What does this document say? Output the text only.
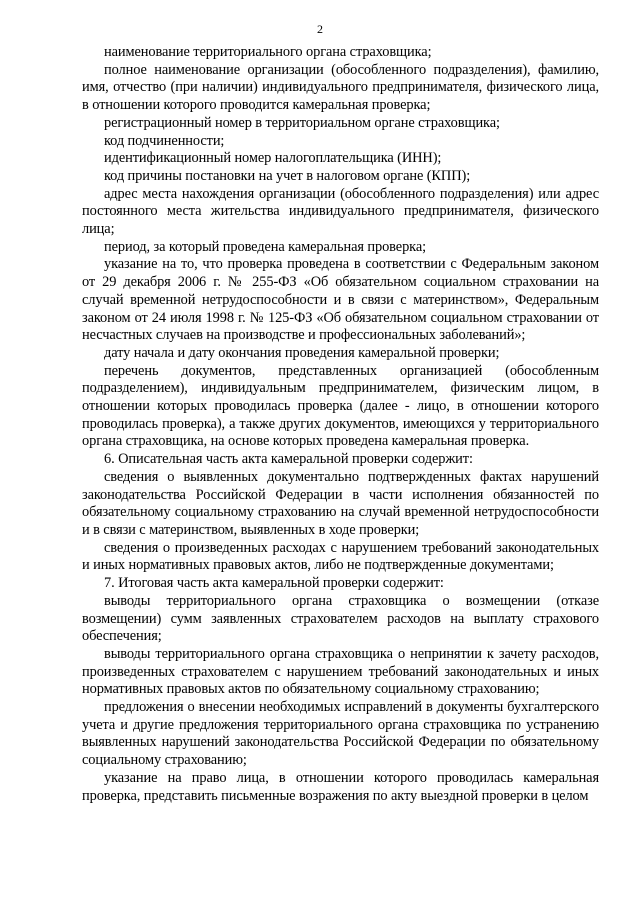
2

наименование территориального органа страховщика;

полное наименование организации (обособленного подразделения), фамилию, имя, отчество (при наличии) индивидуального предпринимателя, физического лица, в отношении которого проводится камеральная проверка;

регистрационный номер в территориальном органе страховщика;

код подчиненности;

идентификационный номер налогоплательщика (ИНН);

код причины постановки на учет в налоговом органе (КПП);

адрес места нахождения организации (обособленного подразделения) или адрес постоянного места жительства индивидуального предпринимателя, физического лица;

период, за который проведена камеральная проверка;

указание на то, что проверка проведена в соответствии с Федеральным законом от 29 декабря 2006 г. № 255-ФЗ «Об обязательном социальном страховании на случай временной нетрудоспособности и в связи с материнством», Федеральным законом от 24 июля 1998 г. № 125-ФЗ «Об обязательном социальном страховании от несчастных случаев на производстве и профессиональных заболеваний»;

дату начала и дату окончания проведения камеральной проверки;

перечень документов, представленных организацией (обособленным подразделением), индивидуальным предпринимателем, физическим лицом, в отношении которых проводилась проверка (далее - лицо, в отношении которого проводилась проверка), а также других документов, имеющихся у территориального органа страховщика, на основе которых проведена камеральная проверка.

6. Описательная часть акта камеральной проверки содержит:

сведения о выявленных документально подтвержденных фактах нарушений законодательства Российской Федерации в части исполнения обязанностей по обязательному социальному страхованию на случай временной нетрудоспособности и в связи с материнством, выявленных в ходе проверки;

сведения о произведенных расходах с нарушением требований законодательных и иных нормативных правовых актов, либо не подтвержденные документами;

7. Итоговая часть акта камеральной проверки содержит:

выводы территориального органа страховщика о возмещении (отказе возмещении) сумм заявленных страхователем расходов на выплату страхового обеспечения;

выводы территориального органа страховщика о непринятии к зачету расходов, произведенных страхователем с нарушением требований законодательных и иных нормативных правовых актов по обязательному социальному страхованию;

предложения о внесении необходимых исправлений в документы бухгалтерского учета и другие предложения территориального органа страховщика по устранению выявленных нарушений законодательства Российской Федерации по обязательному социальному страхованию;

указание на право лица, в отношении которого проводилась камеральная проверка, представить письменные возражения по акту выездной проверки в целом
